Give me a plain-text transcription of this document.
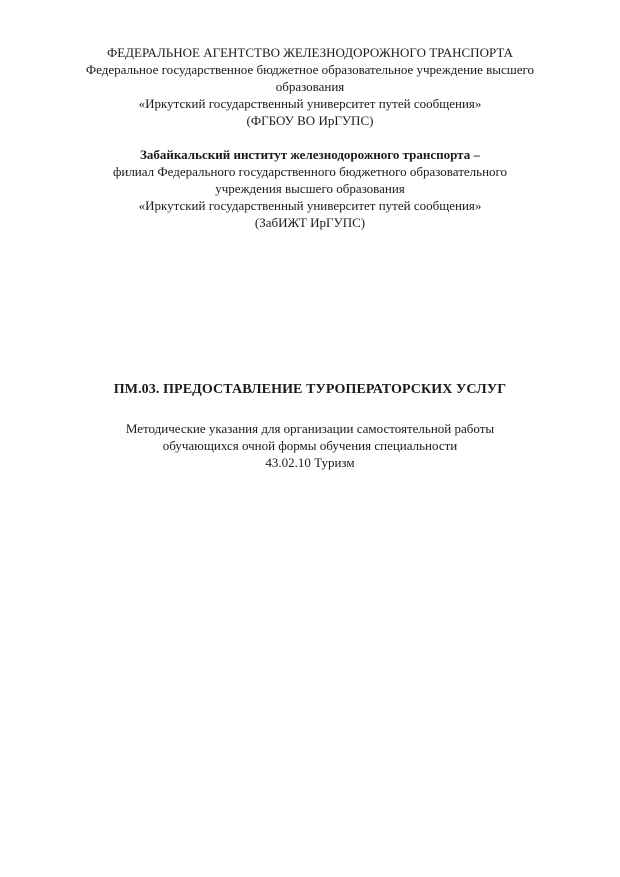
ФЕДЕРАЛЬНОЕ АГЕНТСТВО ЖЕЛЕЗНОДОРОЖНОГО ТРАНСПОРТА
Федеральное государственное бюджетное образовательное учреждение высшего
образования
«Иркутский государственный университет путей сообщения»
(ФГБОУ ВО ИрГУПС)
Забайкальский институт железнодорожного транспорта –
филиал Федерального государственного бюджетного образовательного
учреждения высшего образования
«Иркутский государственный университет путей сообщения»
(ЗабИЖТ ИрГУПС)
ПМ.03. ПРЕДОСТАВЛЕНИЕ ТУРОПЕРАТОРСКИХ УСЛУГ
Методические указания для организации самостоятельной работы
обучающихся очной формы обучения специальности
43.02.10 Туризм
